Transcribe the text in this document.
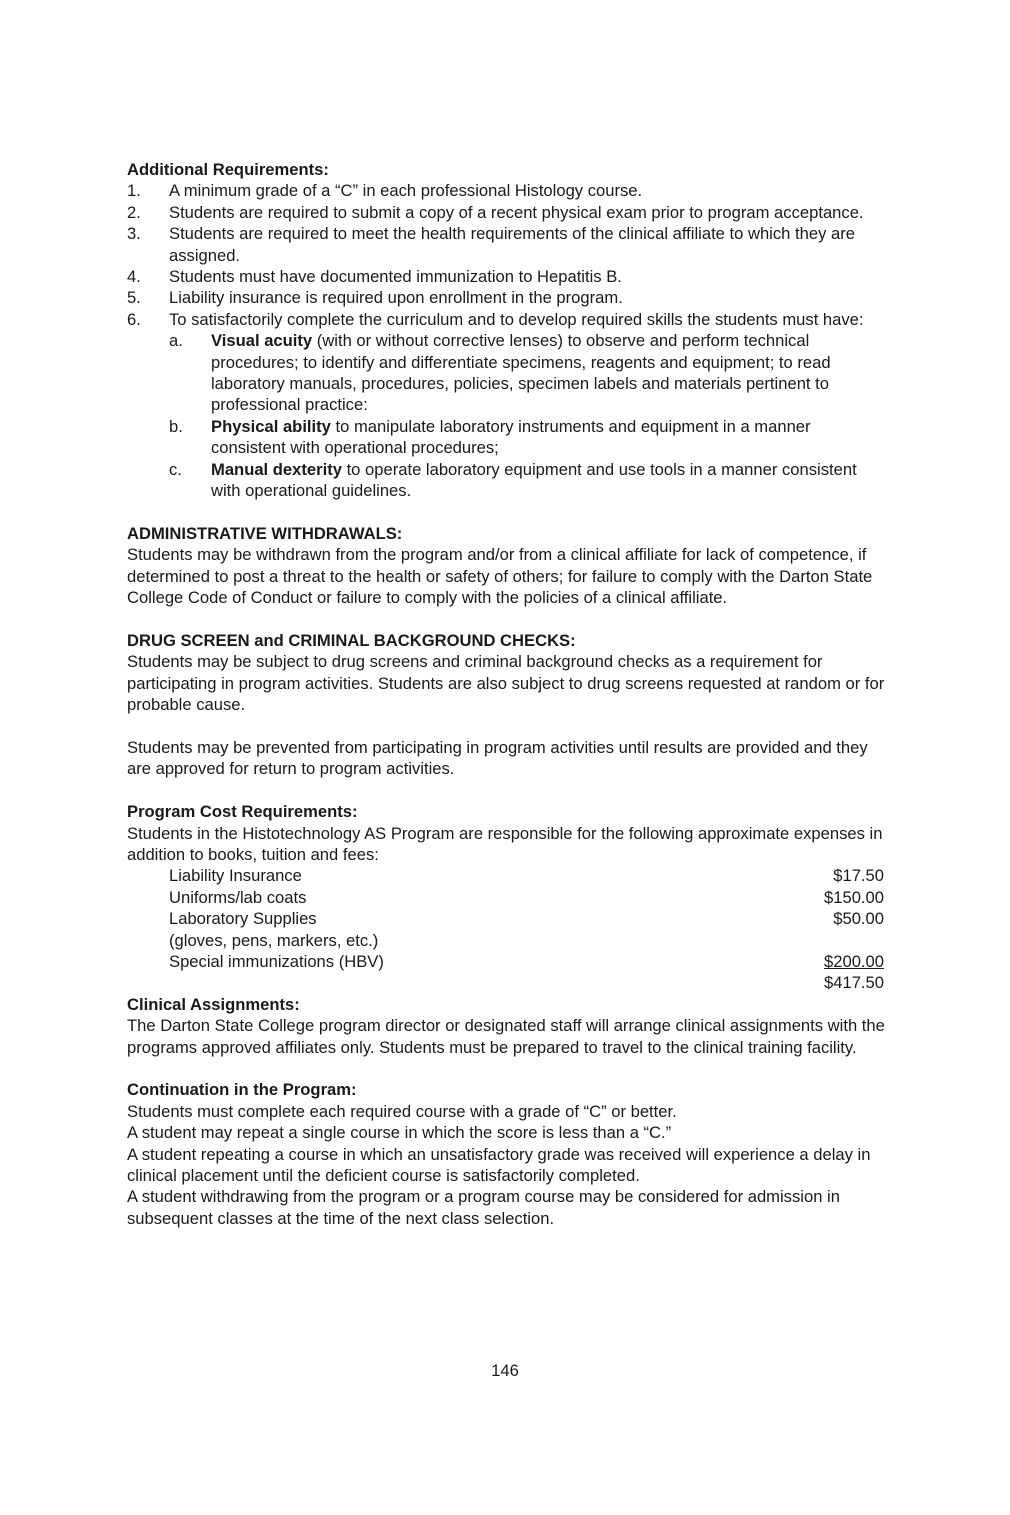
Additional Requirements:
1.	A minimum grade of a “C” in each professional Histology course.
2.	Students are required to submit a copy of a recent physical exam prior to program acceptance.
3.	Students are required to meet the health requirements of the clinical affiliate to which they are assigned.
4.	Students must have documented immunization to Hepatitis B.
5.	Liability insurance is required upon enrollment in the program.
6.	To satisfactorily complete the curriculum and to develop required skills the students must have:
a.	Visual acuity (with or without corrective lenses) to observe and perform technical procedures; to identify and differentiate specimens, reagents and equipment; to read laboratory manuals, procedures, policies, specimen labels and materials pertinent to professional practice:
b.	Physical ability to manipulate laboratory instruments and equipment in a manner consistent with operational procedures;
c.	Manual dexterity to operate laboratory equipment and use tools in a manner consistent with operational guidelines.
ADMINISTRATIVE WITHDRAWALS:
Students may be withdrawn from the program and/or from a clinical affiliate for lack of competence, if determined to post a threat to the health or safety of others; for failure to comply with the Darton State College Code of Conduct or failure to comply with the policies of a clinical affiliate.
DRUG SCREEN and CRIMINAL BACKGROUND CHECKS:
Students may be subject to drug screens and criminal background checks as a requirement for participating in program activities. Students are also subject to drug screens requested at random or for probable cause.
Students may be prevented from participating in program activities until results are provided and they are approved for return to program activities.
Program Cost Requirements:
Students in the Histotechnology AS Program are responsible for the following approximate expenses in addition to books, tuition and fees:
Liability Insurance	$17.50
Uniforms/lab coats	$150.00
Laboratory Supplies	$50.00
(gloves, pens, markers, etc.)
Special immunizations (HBV)	$200.00
$417.50
Clinical Assignments:
The Darton State College program director or designated staff will arrange clinical assignments with the programs approved affiliates only. Students must be prepared to travel to the clinical training facility.
Continuation in the Program:
Students must complete each required course with a grade of “C” or better.
A student may repeat a single course in which the score is less than a “C.”
A student repeating a course in which an unsatisfactory grade was received will experience a delay in clinical placement until the deficient course is satisfactorily completed.
A student withdrawing from the program or a program course may be considered for admission in subsequent classes at the time of the next class selection.
146
